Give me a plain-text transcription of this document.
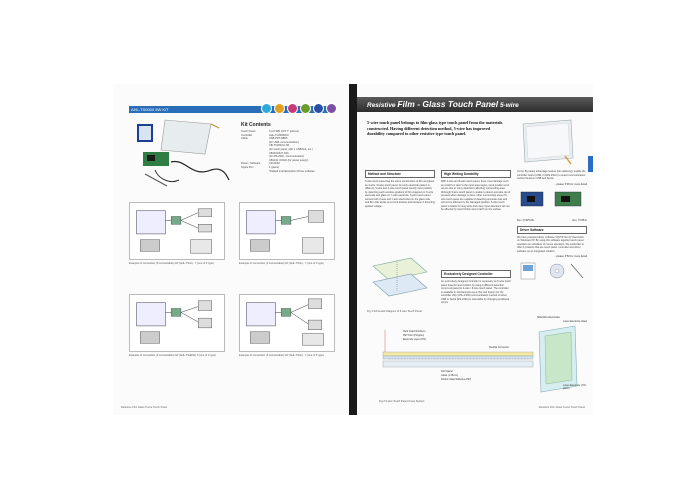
AHL-TS0000 5W KIT
Kit Contents
Touch Panel	5-1/2"WD 16:9 7" (pieces)
Controller	AHL-TC0000W-F
Cable	USB PRT-NB05
(for USB, communication)
UB-TC0004-F-08
(for touch panel, with 1 USB/hub, ext.)
UB-RG0427-F6C
(for RS-232C, communication)
UB-RA1 OOHK (for power supply)
Driver / Software	CD-ROM
Stylus Pen	1 (piece)
*Default interface/option Driver software
Example of connection (5 connectable) GP (AHL-TS/G) - 7 (one of 5 type)	Example of connection (3 connectable) GP (AHL-TS/G) - 7 (one of 3 type)
Example of connection (3 connectable) GP (AHL-TS/ENG) 5 (one of 3 type)	Example of connection (5 connectable) GP (AHL-TS/G) - 7 (one of 5 type)
Resistive Film Glass 5-wire Touch Panel
Resistive Film - Glass Touch Panel 5-wire
5-wire touch panel belongs to film-glass type touch panel from the materials constructed. Having different detection method, 5-wire has improved durability compared to other resistive type touch panel.
Method and Structure
5-wire touch panel has the same construction of film and glass as 4-wire / 8-wire touch panel, but only electrode pattern is different. 5-wire and 4-wire touch panel specify input position by detecting each resistive gradient of film wrapped on X-wire electrode and glass on Y-wire electrode. 5-wire touch panel senses both X-axis and Y-axis electrodes on the glass side, and film side works as current division tool between 4 detecting applied voltage.
Fig.1 Schematic Diagram of 5-wire Touch Panel
High Writing Durability
With 4-wire and 8-wire touch panel, there must damage such as scratch or dent to the input area region, input position error occurs due to many distortions affecting surrounding area. Although 5-wire touch panel is unable to detect accurate dot of pressed when damage is done, other surrounding area of 5-wire touch panel are capable of detecting accurate dots and will not be affected by the damaged position. 5-wire touch panel is stable for long write and many input directions will not be affected by input friction and scratch on the surface.
Exclusively Designed Controller
An exclusively designed controller is necessary as 5-wire touch panel detects input position by using a different detection circuit compared to 4-wire / 8-wire touch panel. The controller is available in interface/pins as a chip and board. For the controller chip (AHL-C230) communication method of either USB or Serial (RS-232C) is selectable by changing peripheral circuit.
circuit. By taking advantage feature (No soldering), enable the controller board (USB, 2.0/RS-232C) to select communication method between USB and Serial.
...please P.36 for more detail
Rev. (ICB/5)-BL	Rev. TC5B3v
Driver Software
We have prepared driver software *2(NTP Ver.4)* that works on Windows XP. By using this software together touch panel operation as substitute of mouse operation. We would like to offer 3 products that are touch panel, controller and driver software as an integrated solution.
...please P.50 for more detail
Hard Coat Film/Deco
PET Film (Polyplex)
Electrode Layer (ITO)
Dot Spacer
Glass (1.35mm)
Double Sided Adhesive PET
Flexible Connector
Slide/Wire Electrodes
Lower Electrode Glass
Lower Electrode (ITO, glass)
Fig.2 5-wire Touch Panel Cross Section
Resistive Film Glass 5-wire Touch Panel
